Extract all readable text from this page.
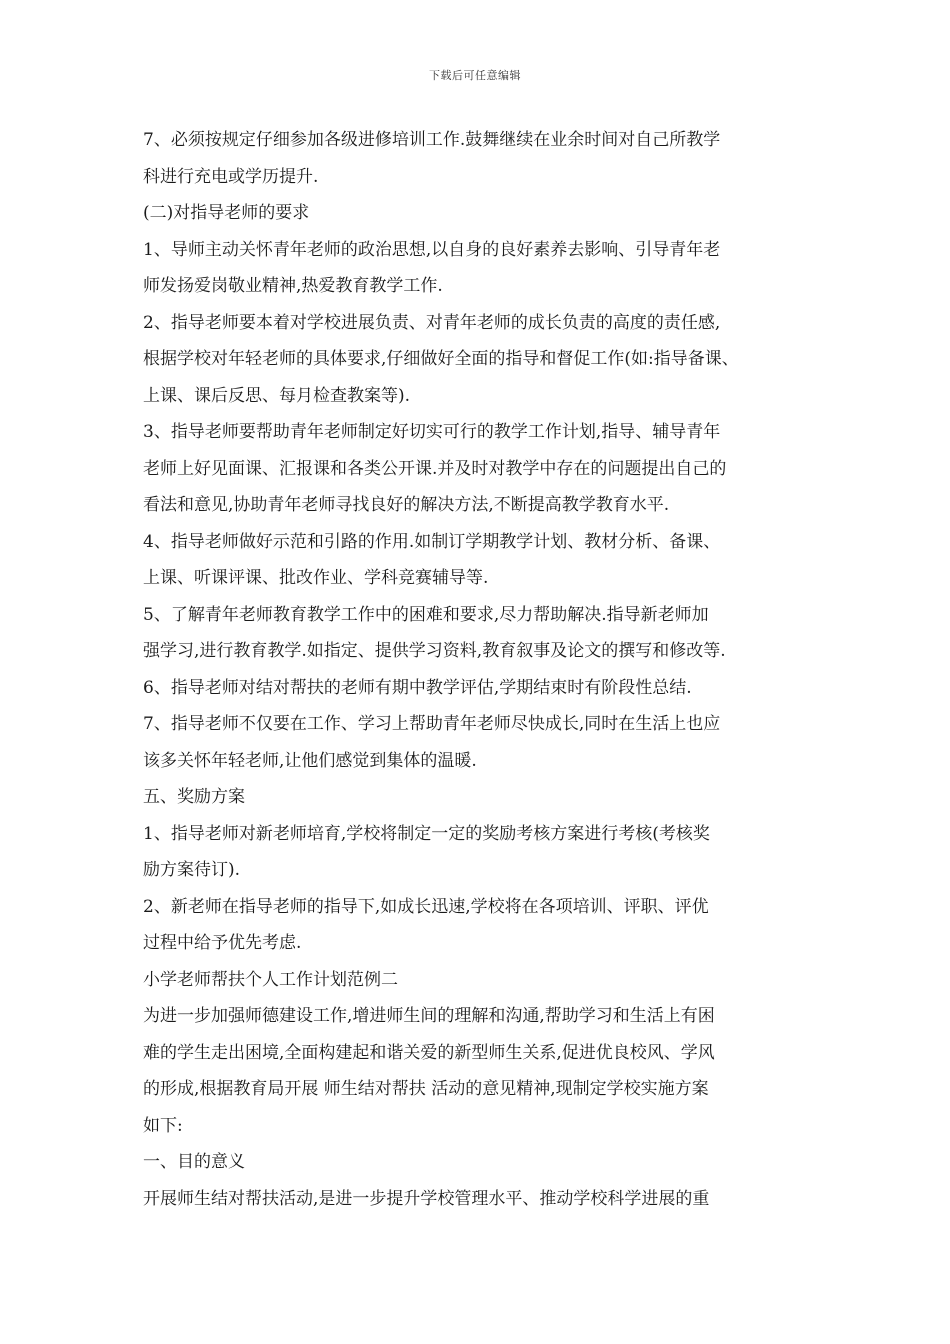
下载后可任意编辑
7、必须按规定仔细参加各级进修培训工作.鼓舞继续在业余时间对自己所教学
科进行充电或学历提升.
(二)对指导老师的要求
1、导师主动关怀青年老师的政治思想,以自身的良好素养去影响、引导青年老
师发扬爱岗敬业精神,热爱教育教学工作.
2、指导老师要本着对学校进展负责、对青年老师的成长负责的高度的责任感,
根据学校对年轻老师的具体要求,仔细做好全面的指导和督促工作(如:指导备课、
上课、课后反思、每月检查教案等).
3、指导老师要帮助青年老师制定好切实可行的教学工作计划,指导、辅导青年
老师上好见面课、汇报课和各类公开课.并及时对教学中存在的问题提出自己的
看法和意见,协助青年老师寻找良好的解决方法,不断提高教学教育水平.
4、指导老师做好示范和引路的作用.如制订学期教学计划、教材分析、备课、
上课、听课评课、批改作业、学科竞赛辅导等.
5、了解青年老师教育教学工作中的困难和要求,尽力帮助解决.指导新老师加
强学习,进行教育教学.如指定、提供学习资料,教育叙事及论文的撰写和修改等.
6、指导老师对结对帮扶的老师有期中教学评估,学期结束时有阶段性总结.
7、指导老师不仅要在工作、学习上帮助青年老师尽快成长,同时在生活上也应
该多关怀年轻老师,让他们感觉到集体的温暖.
五、奖励方案
1、指导老师对新老师培育,学校将制定一定的奖励考核方案进行考核(考核奖
励方案待订).
2、新老师在指导老师的指导下,如成长迅速,学校将在各项培训、评职、评优
过程中给予优先考虑.
小学老师帮扶个人工作计划范例二
为进一步加强师德建设工作,增进师生间的理解和沟通,帮助学习和生活上有困
难的学生走出困境,全面构建起和谐关爱的新型师生关系,促进优良校风、学风
的形成,根据教育局开展 师生结对帮扶 活动的意见精神,现制定学校实施方案
如下:
一、目的意义
开展师生结对帮扶活动,是进一步提升学校管理水平、推动学校科学进展的重
